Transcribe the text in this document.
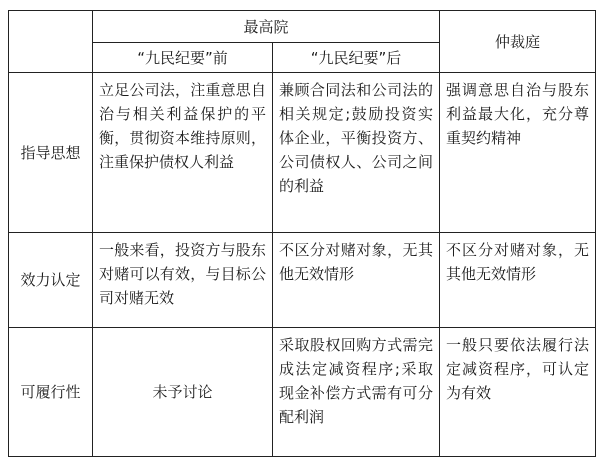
最高院
“九民纪要”前	“九民纪要”后
仲裁庭
指导思想
立足公司法，注重意思自治与相关利益保护的平衡，贯彻资本维持原则，注重保护债权人利益
兼顾合同法和公司法的相关规定;鼓励投资实体企业，平衡投资方、公司债权人、公司之间的利益
强调意思自治与股东利益最大化，充分尊重契约精神
效力认定
一般来看，投资方与股东对赌可以有效，与目标公司对赌无效
不区分对赌对象，无其他无效情形
不区分对赌对象，无其他无效情形
可履行性	未予讨论
采取股权回购方式需完成法定减资程序;采取现金补偿方式需有可分配利润
一般只要依法履行法定减资程序，可认定为有效
